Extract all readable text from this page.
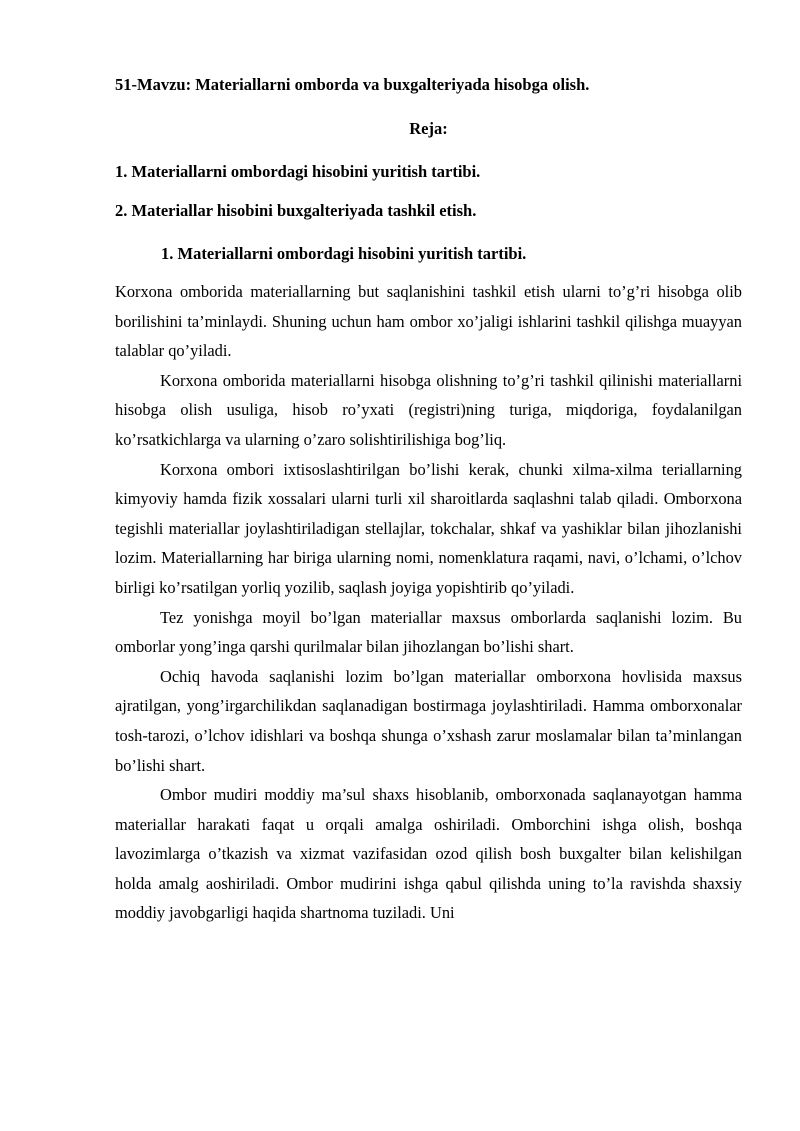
51-Mavzu: Materiallarni omborda va buxgalteriyada hisobga olish.

Reja:

1. Materiallarni ombordagi hisobini yuritish tartibi.

2. Materiallar hisobini buxgalteriyada tashkil etish.

1. Materiallarni ombordagi hisobini yuritish tartibi.

Korxona omborida materiallarning but saqlanishini tashkil etish ularni to’g’ri hisobga olib borilishini ta’minlaydi. Shuning uchun ham ombor xo’jaligi ishlarini tashkil qilishga muayyan talablar qo’yiladi.

Korxona omborida materiallarni hisobga olishning to’g’ri tashkil qilinishi materiallarni hisobga olish usuliga, hisob ro’yxati (registri)ning turiga, miqdoriga, foydalanilgan ko’rsatkichlarga va ularning o’zaro solishtirilishiga bog’liq.

Korxona ombori ixtisoslashtirilgan bo’lishi kerak, chunki xilma-xilma teriallarning kimyoviy hamda fizik xossalari ularni turli xil sharoitlarda saqlashni talab qiladi. Omborxona tegishli materiallar joylashtiriladigan stellajlar, tokchalar, shkaf va yashiklar bilan jihozlanishi lozim. Materiallarning har biriga ularning nomi, nomenklatura raqami, navi, o’lchami, o’lchov birligi ko’rsatilgan yorliq yozilib, saqlash joyiga yopishtirib qo’yiladi.

Tez yonishga moyil bo’lgan materiallar maxsus omborlarda saqlanishi lozim. Bu omborlar yong’inga qarshi qurilmalar bilan jihozlangan bo’lishi shart.

Ochiq havoda saqlanishi lozim bo’lgan materiallar omborxona hovlisida maxsus ajratilgan, yong’irgarchilikdan saqlanadigan bostirmaga joylashtiriladi. Hamma omborxonalar tosh-tarozi, o’lchov idishlari va boshqa shunga o’xshash zarur moslamalar bilan ta’minlangan bo’lishi shart.

Ombor mudiri moddiy ma’sul shaxs hisoblanib, omborxonada saqlanayotgan hamma materiallar harakati faqat u orqali amalga oshiriladi. Omborchini ishga olish, boshqa lavozimlarga o’tkazish va xizmat vazifasidan ozod qilish bosh buxgalter bilan kelishilgan holda amalg aoshiriladi. Ombor mudirini ishga qabul qilishda uning to’la ravishda shaxsiy moddiy javobgarligi haqida shartnoma tuziladi. Uni
